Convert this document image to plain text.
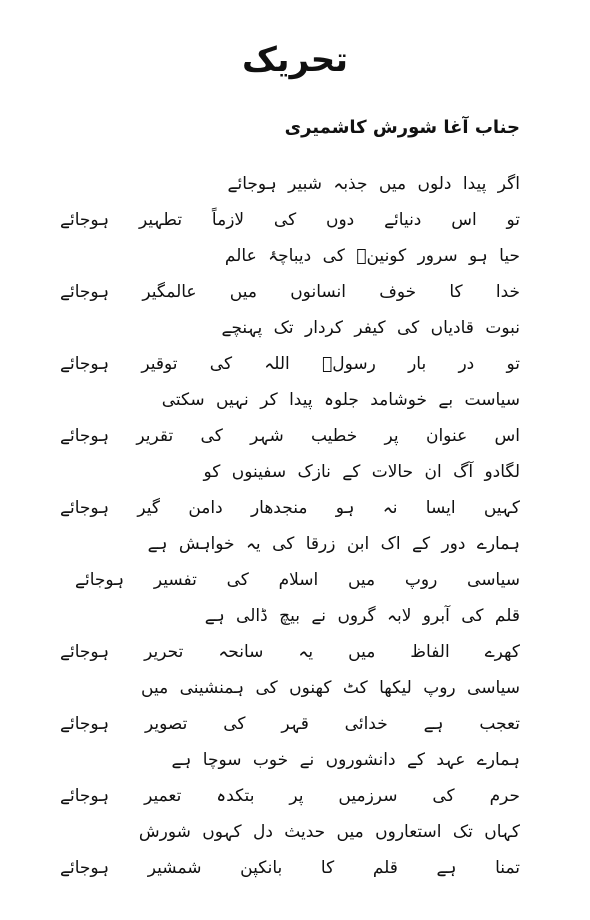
تحریک
جناب آغا شورش کاشمیری
اگر پیدا دلوں میں جذبہ شبیر ہوجائے
تو اس دنیائے دوں کی لازماً تطہیر ہوجائے
حیا ہو سرور کونینؐ کی دیباچۂ عالم
خدا کا خوف انسانوں میں عالمگیر ہوجائے
نبوت قادیاں کی کیفر کردار تک پہنچے
تو در بار رسولؐ اللہ کی توقیر ہوجائے
سیاست بے خوشامد جلوہ پیدا کر نہیں سکتی
اس عنوان پر خطیب شہر کی تقریر ہوجائے
لگادو آگ ان حالات کے نازک سفینوں کو
کہیں ایسا نہ ہو منجدھار دامن گیر ہوجائے
ہمارے دور کے اک ابن زرقا کی یہ خواہش ہے
سیاسی روپ میں اسلام کی تفسیر ہوجائے
قلم کی آبرو لابہ گروں نے بیچ ڈالی ہے
کھرے الفاظ میں یہ سانحہ تحریر ہوجائے
سیاسی روپ لیکھا کٹ کھنوں کی ہمنشینی میں
تعجب ہے خدائی قہر کی تصویر ہوجائے
ہمارے عہد کے دانشوروں نے خوب سوچا ہے
حرم کی سرزمیں پر بتکدہ تعمیر ہوجائے
کہاں تک استعاروں میں حدیث دل کہوں شورش
تمنا ہے قلم کا بانکپن شمشیر ہوجائے
